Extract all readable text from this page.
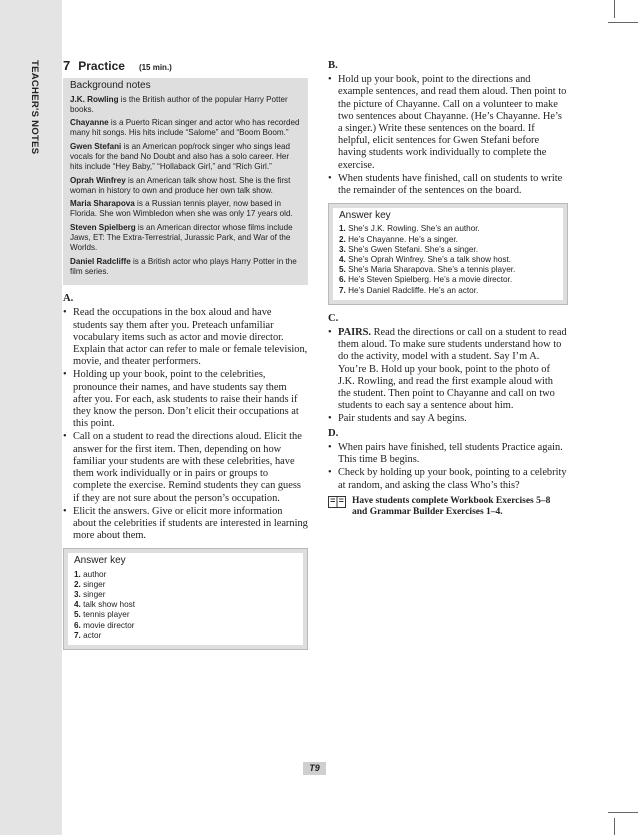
TEACHER'S NOTES 7 Practice (15 min.)
Background notes

J.K. Rowling is the British author of the popular Harry Potter books.

Chayanne is a Puerto Rican singer and actor who has recorded many hit songs. His hits include “Salome” and “Boom Boom.”

Gwen Stefani is an American pop/rock singer who sings lead vocals for the band No Doubt and also has a solo career. Her hits include “Hey Baby,” “Hollaback Girl,” and “Rich Girl.”

Oprah Winfrey is an American talk show host. She is the first woman in history to own and produce her own talk show.

Maria Sharapova is a Russian tennis player, now based in Florida. She won Wimbledon when she was only 17 years old.

Steven Spielberg is an American director whose films include Jaws, ET: The Extra-Terrestrial, Jurassic Park, and War of the Worlds.

Daniel Radcliffe is a British actor who plays Harry Potter in the film series.

A.
• Read the occupations in the box aloud and have students say them after you. Preteach unfamiliar vocabulary items such as actor and movie director. Explain that actor can refer to male or female television, movie, and theater performers.
• Holding up your book, point to the celebrities, pronounce their names, and have students say them after you. For each, ask students to raise their hands if they know the person. Don’t elicit their occupations at this point.
• Call on a student to read the directions aloud. Elicit the answer for the first item. Then, depending on how familiar your students are with these celebrities, have them work individually or in pairs or groups to complete the exercise. Remind students they can guess if they are not sure about the person’s occupation.
• Elicit the answers. Give or elicit more information about the celebrities if students are interested in learning more about them.
Answer key
1. author
2. singer
3. singer
4. talk show host
5. tennis player
6. movie director
7. actor
B.
• Hold up your book, point to the directions and example sentences, and read them aloud. Then point to the picture of Chayanne. Call on a volunteer to make two sentences about Chayanne. (He’s Chayanne. He’s a singer.) Write these sentences on the board. If helpful, elicit sentences for Gwen Stefani before having students work individually to complete the exercise.
• When students have finished, call on students to write the remainder of the sentences on the board.
Answer key
1. She’s J.K. Rowling. She’s an author.
2. He’s Chayanne. He’s a singer.
3. She’s Gwen Stefani. She’s a singer.
4. She’s Oprah Winfrey. She’s a talk show host.
5. She’s Maria Sharapova. She’s a tennis player.
6. He’s Steven Spielberg. He’s a movie director.
7. He’s Daniel Radcliffe. He’s an actor.
C.
• PAIRS. Read the directions or call on a student to read them aloud. To make sure students understand how to do the activity, model with a student. Say I’m A. You’re B. Hold up your book, point to the photo of J.K. Rowling, and read the first example aloud with the student. Then point to Chayanne and call on two students to each say a sentence about him.
• Pair students and say A begins.
D.
• When pairs have finished, tell students Practice again. This time B begins.
• Check by holding up your book, pointing to a celebrity at random, and asking the class Who’s this?
Have students complete Workbook Exercises 5–8 and Grammar Builder Exercises 1–4.
T9
